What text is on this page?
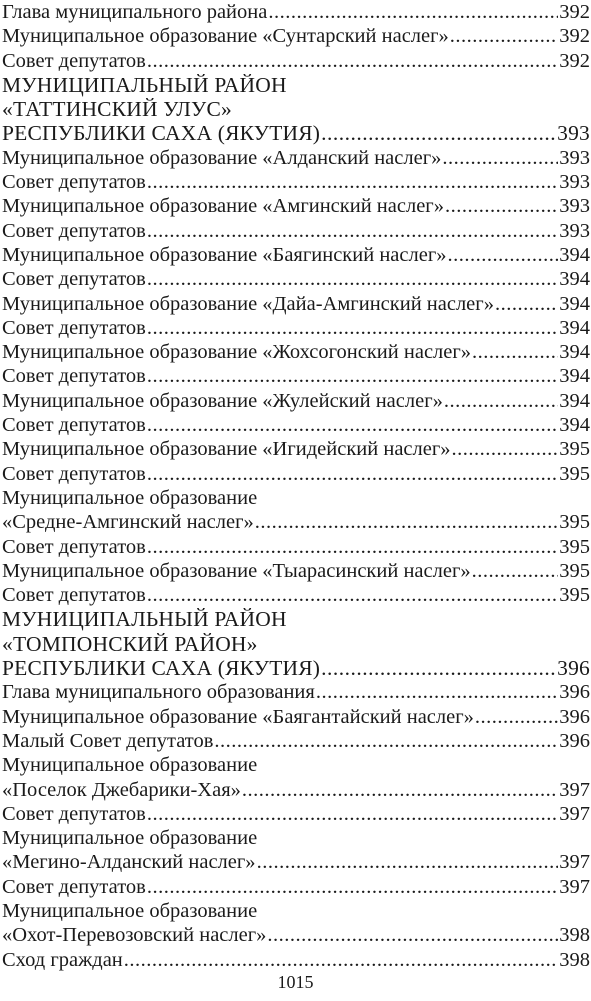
Глава муниципального района .....	392
Муниципальное образование «Сунтарский наслег» .....	392
Совет депутатов .....	392
МУНИЦИПАЛЬНЫЙ РАЙОН
«ТАТТИНСКИЙ УЛУС»
РЕСПУБЛИКИ САХА (ЯКУТИЯ) .....	393
Муниципальное образование «Алданский наслег» .....	393
Совет депутатов .....	393
Муниципальное образование «Амгинский наслег» .....	393
Совет депутатов .....	393
Муниципальное образование «Баягинский наслег» .....	394
Совет депутатов .....	394
Муниципальное образование «Дайа-Амгинский наслег» .....	394
Совет депутатов .....	394
Муниципальное образование «Жохсогонский наслег» .....	394
Совет депутатов .....	394
Муниципальное образование «Жулейский наслег» .....	394
Совет депутатов .....	394
Муниципальное образование «Игидейский наслег» .....	395
Совет депутатов .....	395
Муниципальное образование
«Средне-Амгинский наслег» .....	395
Совет депутатов .....	395
Муниципальное образование «Тыарасинский наслег» .....	395
Совет депутатов .....	395
МУНИЦИПАЛЬНЫЙ РАЙОН
«ТОМПОНСКИЙ РАЙОН»
РЕСПУБЛИКИ САХА (ЯКУТИЯ) .....	396
Глава муниципального образования .....	396
Муниципальное образование «Баягантайский наслег» .....	396
Малый Совет депутатов .....	396
Муниципальное образование
«Поселок Джебарики-Хая» .....	397
Совет депутатов .....	397
Муниципальное образование
«Мегино-Алданский наслег» .....	397
Совет депутатов .....	397
Муниципальное образование
«Охот-Перевозовский наслег» .....	398
Сход граждан .....	398
1015
